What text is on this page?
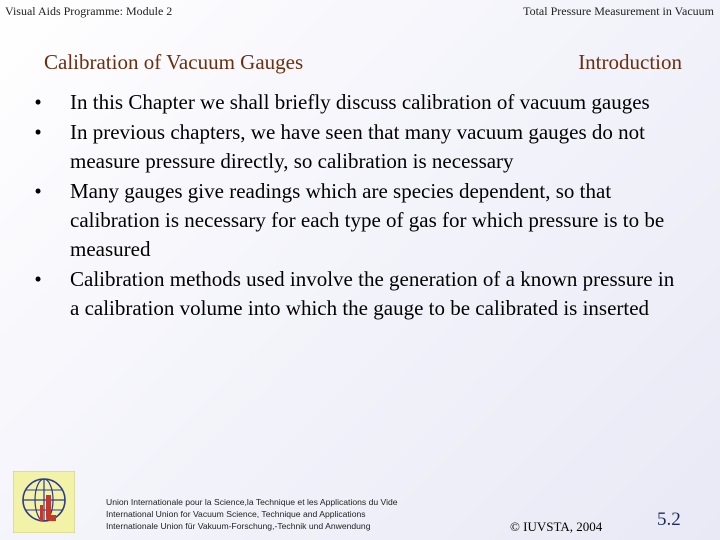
Visual Aids Programme: Module 2	Total Pressure Measurement in Vacuum
Calibration of Vacuum Gauges	Introduction
•	In this Chapter we shall briefly discuss calibration of vacuum gauges
•	In previous chapters, we have seen that many vacuum gauges do not measure pressure directly, so calibration is necessary
•	Many gauges give readings which are species dependent, so that calibration is necessary for each type of gas for which pressure is to be measured
•	Calibration methods used involve the generation of a known pressure in a calibration volume into which the gauge to be calibrated is inserted
Union Internationale pour la Science,la Technique et les Applications du Vide
International Union for Vacuum Science, Technique and Applications
Internationale Union für Vakuum-Forschung,-Technik und Anwendung	© IUVSTA, 2004	5.2
